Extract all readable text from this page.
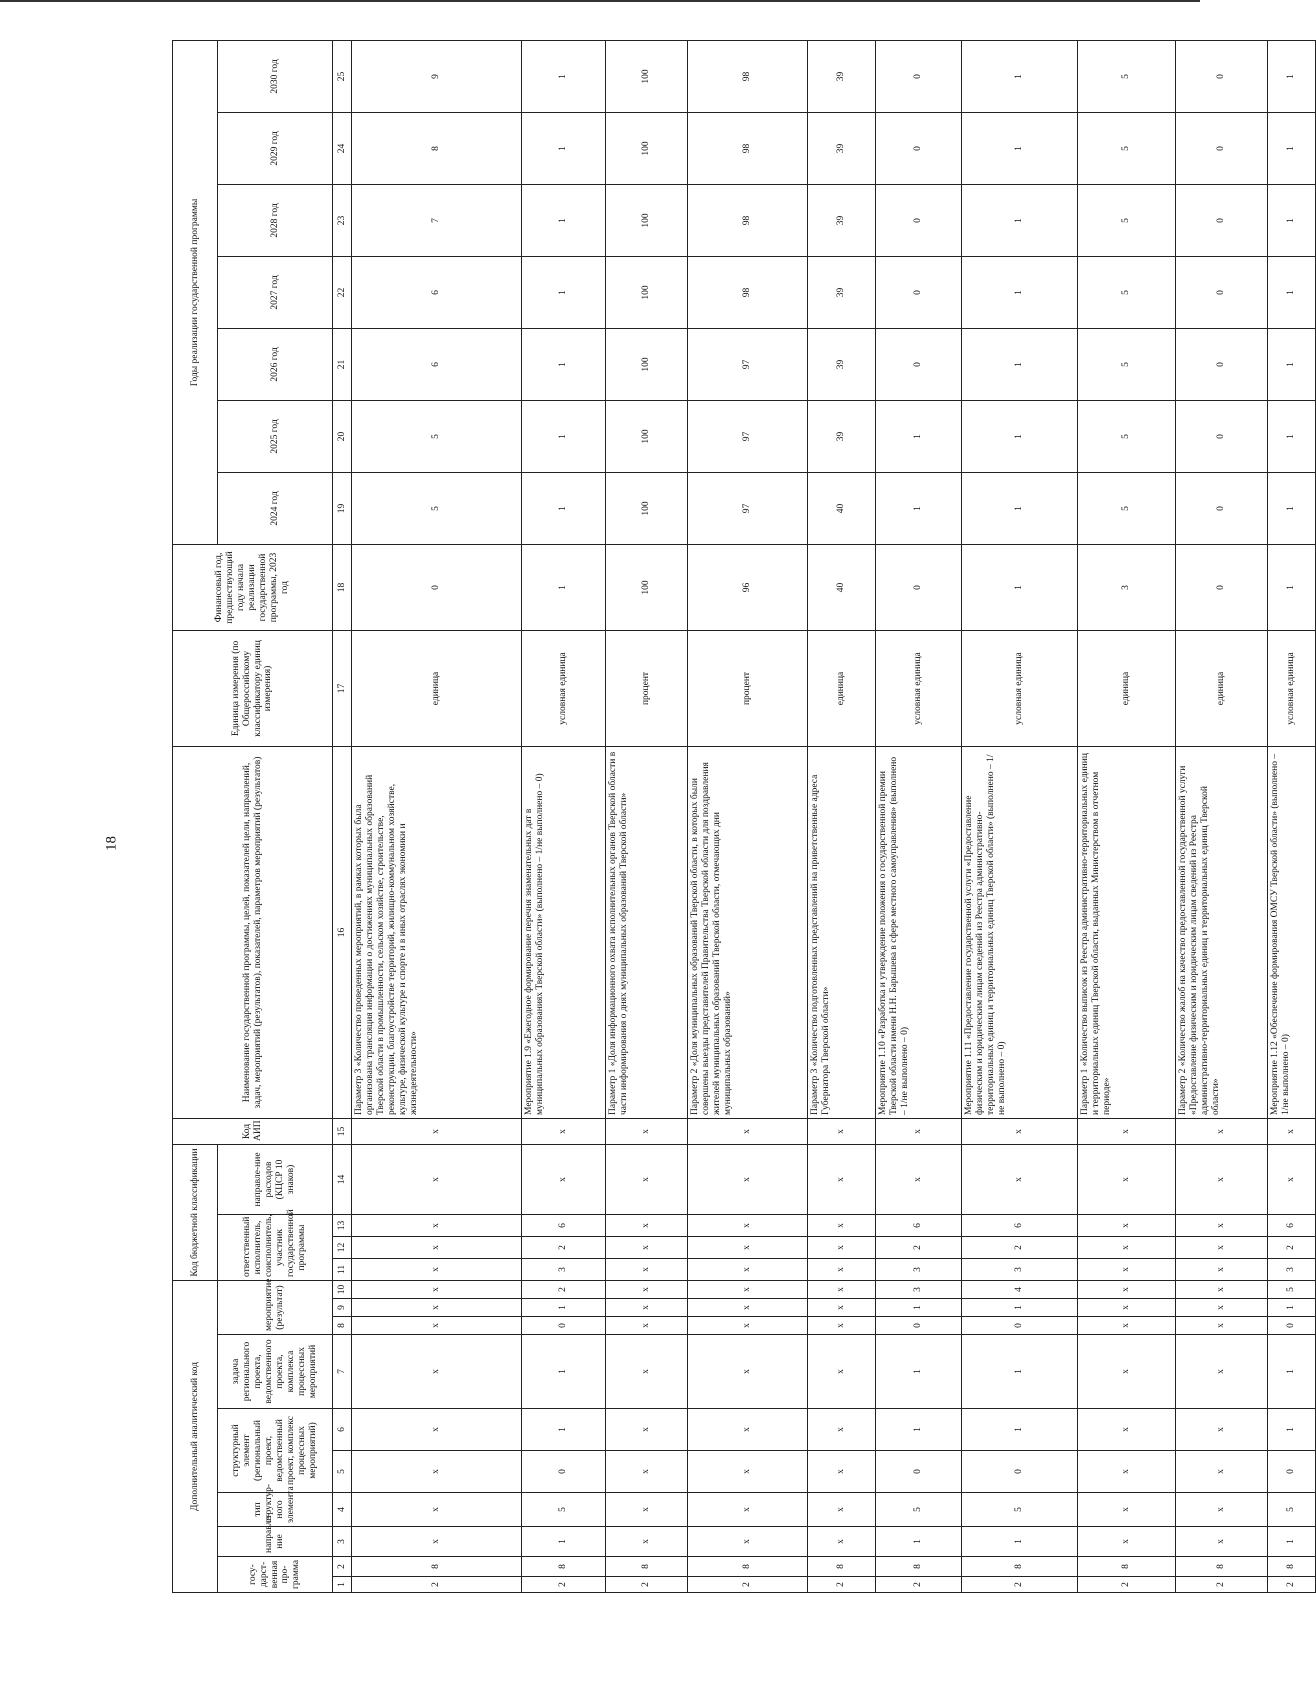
18
Дополнительный аналитический код										Код бюджетной классификации				Код АИП	Наименование государственной программы, целей, показателей цели, направлений, задач, мероприятий (результатов), показателей, параметров мероприятий (результатов)	Единица измерения (по Общероссийскому классификатору единиц измерения)	Финансовый год, предшествующий году начала реализации государственной программы, 2023 год	Годы реализации государственной программы						
госу-дарст-венная про-грамма		направле-ние	тип структур-ного элемента	структурный элемент (региональный проект, ведомственный проект, комплекс процессных мероприятий)		задача регионального проекта, ведомственного проекта, комплекса процессных мероприятий	мероприятие (результат)			ответственный исполнитель, соисполнитель, участник государственной программы			направле-ние расходов (КЦСР 10 знаков)					2024 год	2025 год	2026 год	2027 год	2028 год	2029 год	2030 год

1	2	3	4	5	6	7	8	9	10	11	12	13	14	15	16	17	18	19	20	21	22	23	24	25
2	8	x	x	x	x	x	x	x	x	x	x	x	x	x	Параметр 3 «Количество проведенных мероприятий, в рамках которых была организована трансляция информации о достижениях муниципальных образований Тверской области в промышленности, сельском хозяйстве, строительстве, реконструкции, благоустройстве территорий, жилищно-коммунальном хозяйстве, культуре, физической культуре и спорте и в иных отраслях экономики и жизнедеятельности»	единица	0	5	5	6	6	7	8	9
2	8	1	5	0	1	1	0	1	2	3	2	6	x	x	Мероприятие 1.9 «Ежегодное формирование перечня знаменательных дат в муниципальных образованиях Тверской области» (выполнено – 1/не выполнено – 0)	условная единица	1	1	1	1	1	1	1	1
2	8	x	x	x	x	x	x	x	x	x	x	x	x	x	Параметр 1 «Доля информационного охвата исполнительных органов Тверской области в части информирования о днях муниципальных образований Тверской области»	процент	100	100	100	100	100	100	100	100
2	8	x	x	x	x	x	x	x	x	x	x	x	x	x	Параметр 2 «Доля муниципальных образований Тверской области, в которых были совершены выезды представителей Правительства Тверской области для поздравления жителей муниципальных образований Тверской области, отмечающих дни муниципальных образований»	процент	96	97	97	97	98	98	98	98
2	8	x	x	x	x	x	x	x	x	x	x	x	x	x	Параметр 3 «Количество подготовленных представлений на приветственные адреса Губернатора Тверской области»	единица	40	40	39	39	39	39	39	39
2	8	1	5	0	1	1	0	1	3	3	2	6	x	x	Мероприятие 1.10 «Разработка и утверждение положения о государственной премии Тверской области имени Н.Н. Барышева в сфере местного самоуправления» (выполнено – 1/не выполнено – 0)	условная единица	0	1	1	0	0	0	0	0
2	8	1	5	0	1	1	0	1	4	3	2	6	x	x	Мероприятие 1.11 «Предоставление государственной услуги «Предоставление физическим и юридическим лицам сведений из Реестра административно-территориальных единиц и территориальных единиц Тверской области» (выполнено – 1/не выполнено – 0)	условная единица	1	1	1	1	1	1	1	1
2	8	x	x	x	x	x	x	x	x	x	x	x	x	x	Параметр 1 «Количество выписок из Реестра административно-территориальных единиц и территориальных единиц Тверской области, выданных Министерством в отчетном периоде»	единица	3	5	5	5	5	5	5	5
2	8	x	x	x	x	x	x	x	x	x	x	x	x	x	Параметр 2 «Количество жалоб на качество предоставленной государственной услуги «Предоставление физическим и юридическим лицам сведений из Реестра административно-территориальных единиц и территориальных единиц Тверской области»	единица	0	0	0	0	0	0	0	0
2	8	1	5	0	1	1	0	1	5	3	2	6	x	x	Мероприятие 1.12 «Обеспечение формирования ОМСУ Тверской области» (выполнено – 1/не выполнено – 0)	условная единица	1	1	1	1	1	1	1	1
